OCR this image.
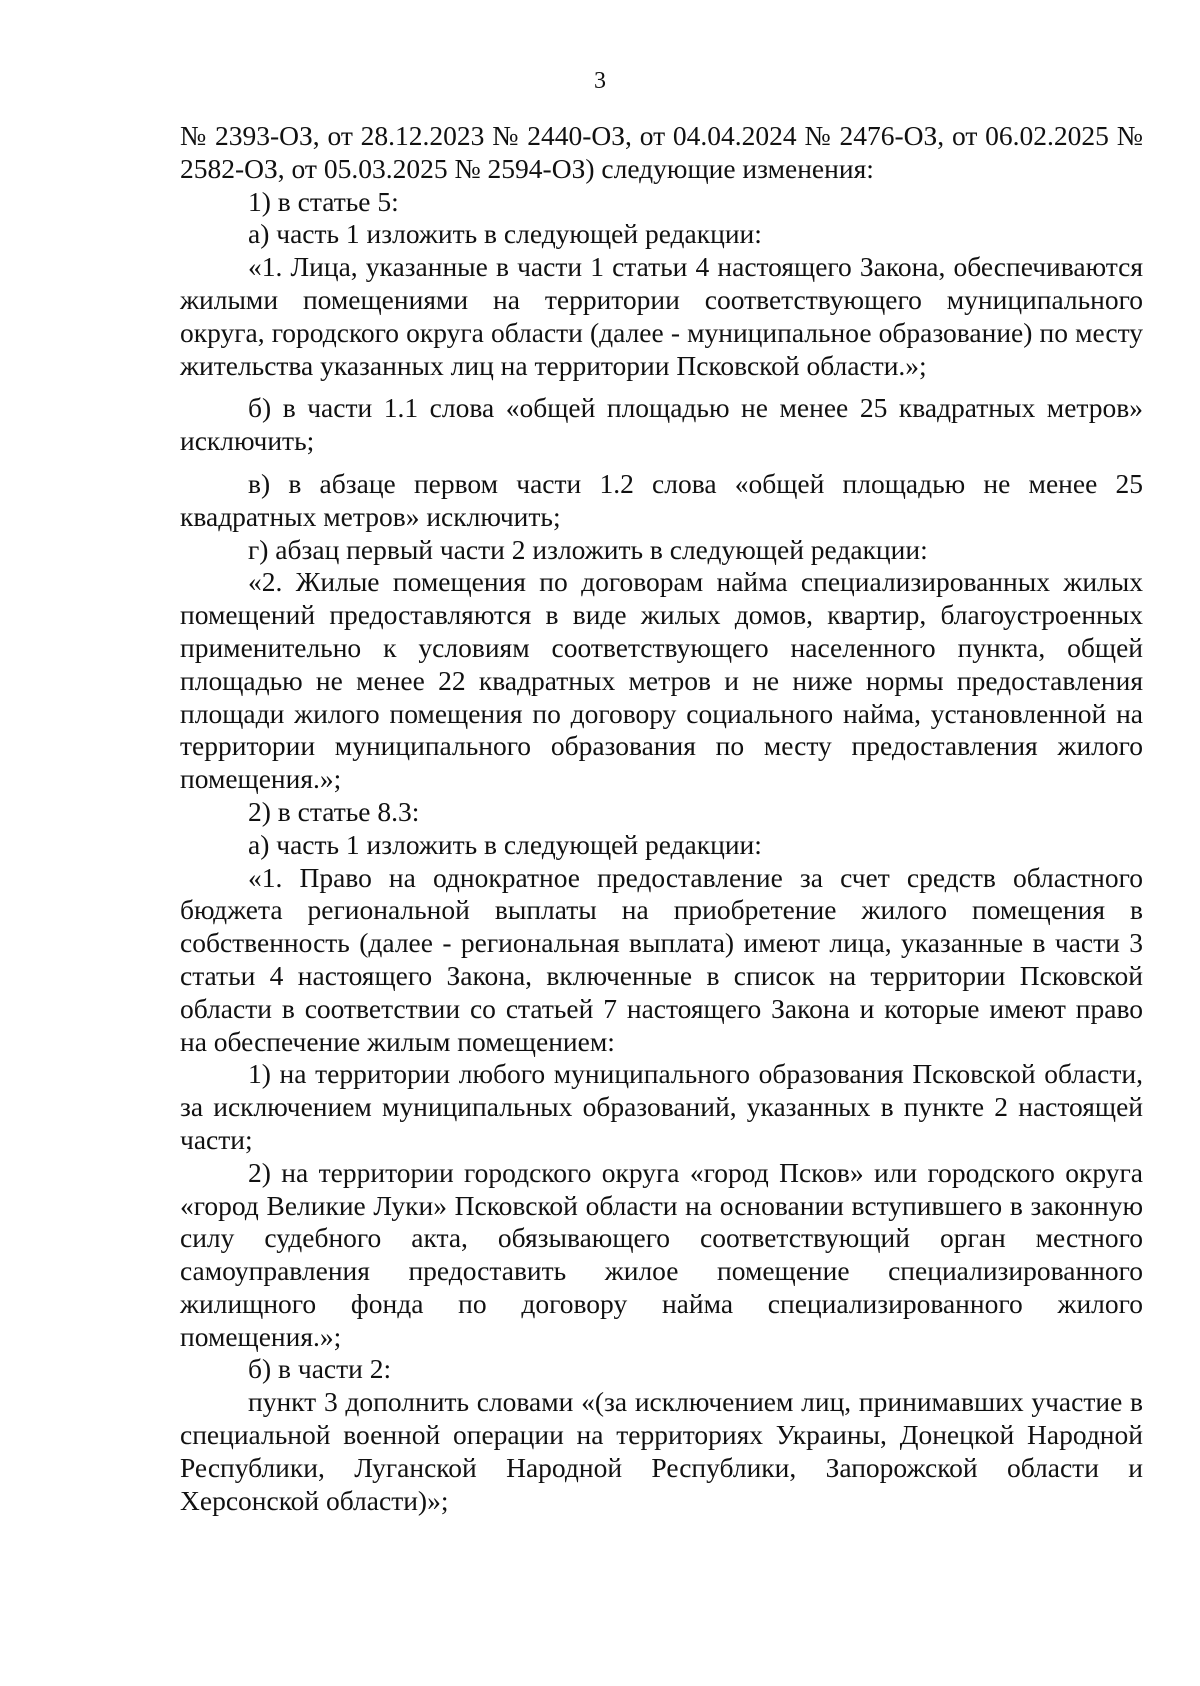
3

№ 2393-ОЗ, от 28.12.2023 № 2440-ОЗ, от 04.04.2024 № 2476-ОЗ, от 06.02.2025 № 2582-ОЗ, от 05.03.2025 № 2594-ОЗ) следующие изменения:

1) в статье 5:

а) часть 1 изложить в следующей редакции:

«1. Лица, указанные в части 1 статьи 4 настоящего Закона, обеспечиваются жилыми помещениями на территории соответствующего муниципального округа, городского округа области (далее - муниципальное образование) по месту жительства указанных лиц на территории Псковской области.»;

б) в части 1.1 слова «общей площадью не менее 25 квадратных метров» исключить;

в) в абзаце первом части 1.2 слова «общей площадью не менее 25 квадратных метров» исключить;

г) абзац первый части 2 изложить в следующей редакции:

«2. Жилые помещения по договорам найма специализированных жилых помещений предоставляются в виде жилых домов, квартир, благоустроенных применительно к условиям соответствующего населенного пункта, общей площадью не менее 22 квадратных метров и не ниже нормы предоставления площади жилого помещения по договору социального найма, установленной на территории муниципального образования по месту предоставления жилого помещения.»;

2) в статье 8.3:

а) часть 1 изложить в следующей редакции:

«1. Право на однократное предоставление за счет средств областного бюджета региональной выплаты на приобретение жилого помещения в собственность (далее - региональная выплата) имеют лица, указанные в части 3 статьи 4 настоящего Закона, включенные в список на территории Псковской области в соответствии со статьей 7 настоящего Закона и которые имеют право на обеспечение жилым помещением:

1) на территории любого муниципального образования Псковской области, за исключением муниципальных образований, указанных в пункте 2 настоящей части;

2) на территории городского округа «город Псков» или городского округа «город Великие Луки» Псковской области на основании вступившего в законную силу судебного акта, обязывающего соответствующий орган местного самоуправления предоставить жилое помещение специализированного жилищного фонда по договору найма специализированного жилого помещения.»;

б) в части 2:

пункт 3 дополнить словами «(за исключением лиц, принимавших участие в специальной военной операции на территориях Украины, Донецкой Народной Республики, Луганской Народной Республики, Запорожской области и Херсонской области)»;
